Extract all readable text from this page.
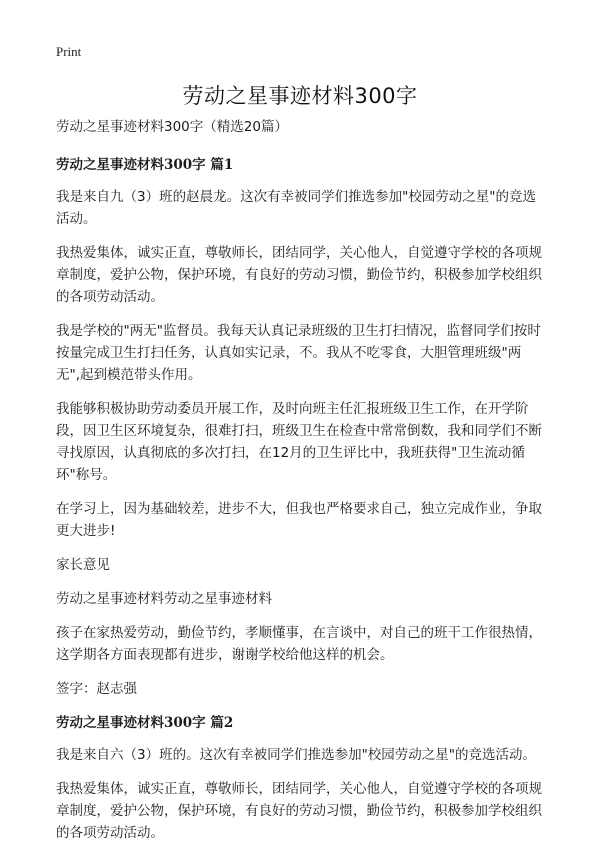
Print
劳动之星事迹材料300字

劳动之星事迹材料300字（精选20篇）

劳动之星事迹材料300字 篇1

我是来自九（3）班的赵晨龙。这次有幸被同学们推选参加"校园劳动之星"的竞选活动。

我热爱集体，诚实正直，尊敬师长，团结同学，关心他人，自觉遵守学校的各项规章制度，爱护公物，保护环境，有良好的劳动习惯，勤俭节约，积极参加学校组织的各项劳动活动。

我是学校的"两无"监督员。我每天认真记录班级的卫生打扫情况，监督同学们按时按量完成卫生打扫任务，认真如实记录，不。我从不吃零食，大胆管理班级"两无",起到模范带头作用。

我能够积极协助劳动委员开展工作，及时向班主任汇报班级卫生工作，在开学阶段，因卫生区环境复杂，很难打扫，班级卫生在检查中常常倒数，我和同学们不断寻找原因，认真彻底的多次打扫，在12月的卫生评比中，我班获得"卫生流动循环"称号。

在学习上，因为基础较差，进步不大，但我也严格要求自己，独立完成作业，争取更大进步!

家长意见

劳动之星事迹材料劳动之星事迹材料

孩子在家热爱劳动，勤俭节约，孝顺懂事，在言谈中，对自己的班干工作很热情，这学期各方面表现都有进步，谢谢学校给他这样的机会。

签字：赵志强

劳动之星事迹材料300字 篇2

我是来自六（3）班的。这次有幸被同学们推选参加"校园劳动之星"的竞选活动。

我热爱集体，诚实正直，尊敬师长，团结同学，关心他人，自觉遵守学校的各项规章制度，爱护公物，保护环境，有良好的劳动习惯，勤俭节约，积极参加学校组织的各项劳动活动。
